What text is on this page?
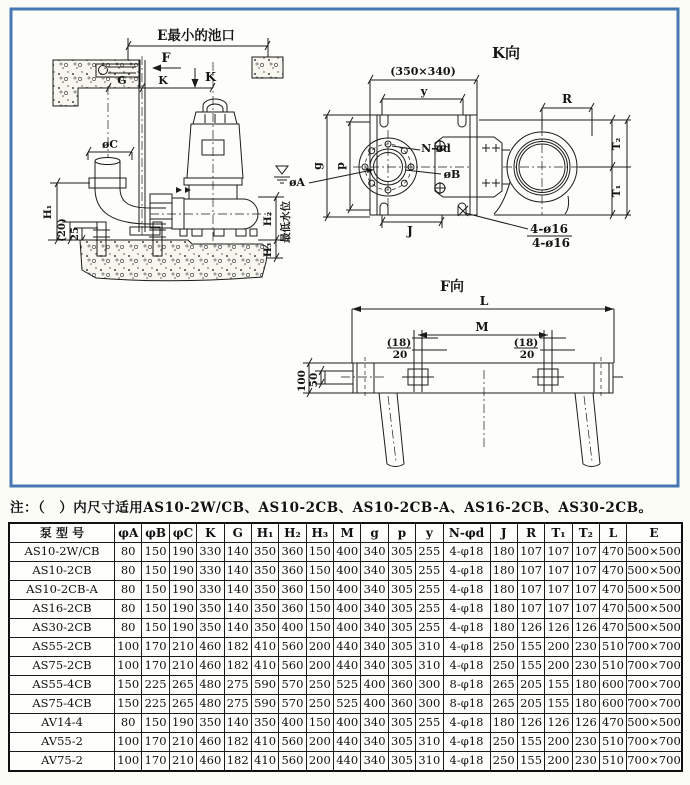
E最小的池口
F
K
G	K
øC
øA
H₁
(20) 25
H₂
H₃
最低水位
K向
(350×340)
y
N-ød
øB
R
T₂
T₁
g p
J	4-ø16
4-ø16
F向
L
M
(18)
20
(18)
20
100 50
注：（　）内尺寸适用AS10-2W/CB、AS10-2CB、AS10-2CB-A、AS16-2CB、AS30-2CB。
泵 型 号	φA	φB	φC	K	G	H₁	H₂	H₃	M	g	p	y	N-φd	J	R	T₁	T₂	L	E
AS10-2W/CB	80	150	190	330	140	350	360	150	400	340	305	255	4-φ18	180	107	107	107	470	500×500
AS10-2CB	80	150	190	330	140	350	360	150	400	340	305	255	4-φ18	180	107	107	107	470	500×500
AS10-2CB-A	80	150	190	330	140	350	360	150	400	340	305	255	4-φ18	180	107	107	107	470	500×500
AS16-2CB	80	150	190	350	140	350	360	150	400	340	305	255	4-φ18	180	107	107	107	470	500×500
AS30-2CB	80	150	190	350	140	350	400	150	400	340	305	255	4-φ18	180	126	126	126	470	500×500
AS55-2CB	100	170	210	460	182	410	560	200	440	340	305	310	4-φ18	250	155	200	230	510	700×700
AS75-2CB	100	170	210	460	182	410	560	200	440	340	305	310	4-φ18	250	155	200	230	510	700×700
AS55-4CB	150	225	265	480	275	590	570	250	525	400	360	300	8-φ18	265	205	155	180	600	700×700
AS75-4CB	150	225	265	480	275	590	570	250	525	400	360	300	8-φ18	265	205	155	180	600	700×700
AV14-4	80	150	190	350	140	350	400	150	400	340	305	255	4-φ18	180	126	126	126	470	500×500
AV55-2	100	170	210	460	182	410	560	200	440	340	305	310	4-φ18	250	155	200	230	510	700×700
AV75-2	100	170	210	460	182	410	560	200	440	340	305	310	4-φ18	250	155	200	230	510	700×700
